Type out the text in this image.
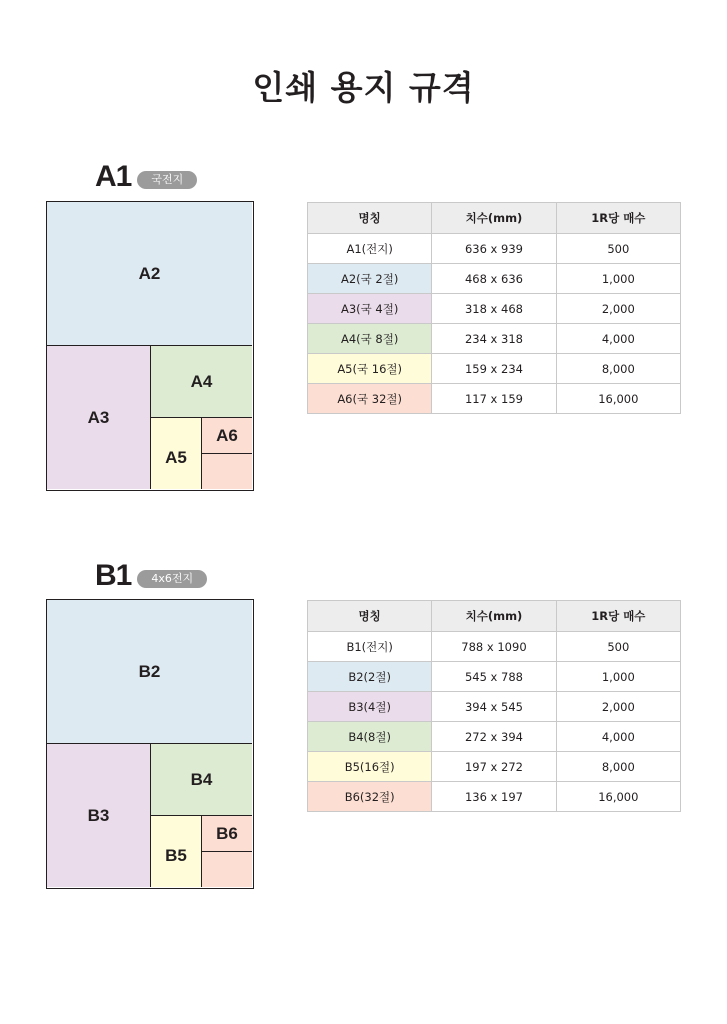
인쇄 용지 규격
A1	국전지
A2
A3
A4
A5
A6
명칭	치수(mm)	1R당 매수
A1(전지)	636 x 939	500
A2(국 2절)	468 x 636	1,000
A3(국 4절)	318 x 468	2,000
A4(국 8절)	234 x 318	4,000
A5(국 16절)	159 x 234	8,000
A6(국 32절)	117 x 159	16,000
B1	4x6전지
B2
B3
B4
B5
B6
명칭	치수(mm)	1R당 매수
B1(전지)	788 x 1090	500
B2(2절)	545 x 788	1,000
B3(4절)	394 x 545	2,000
B4(8절)	272 x 394	4,000
B5(16절)	197 x 272	8,000
B6(32절)	136 x 197	16,000
